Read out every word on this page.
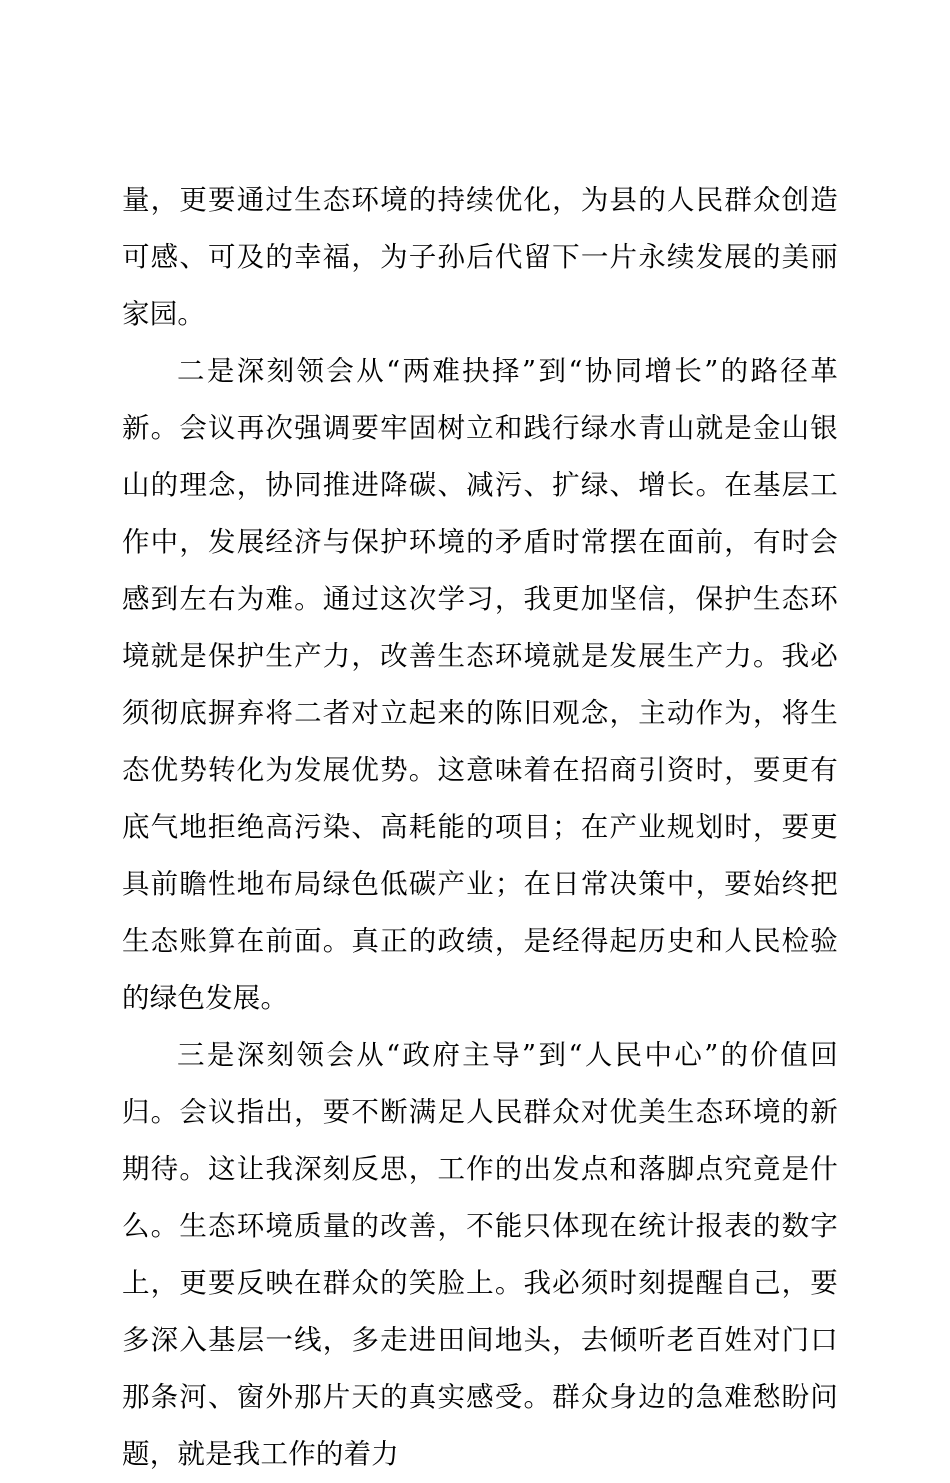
量，更要通过生态环境的持续优化，为县的人民群众创造可感、可及的幸福，为子孙后代留下一片永续发展的美丽家园。

二是深刻领会从“两难抉择”到“协同增长”的路径革新。会议再次强调要牢固树立和践行绿水青山就是金山银山的理念，协同推进降碳、减污、扩绿、增长。在基层工作中，发展经济与保护环境的矛盾时常摆在面前，有时会感到左右为难。通过这次学习，我更加坚信，保护生态环境就是保护生产力，改善生态环境就是发展生产力。我必须彻底摒弃将二者对立起来的陈旧观念，主动作为，将生态优势转化为发展优势。这意味着在招商引资时，要更有底气地拒绝高污染、高耗能的项目；在产业规划时，要更具前瞻性地布局绿色低碳产业；在日常决策中，要始终把生态账算在前面。真正的政绩，是经得起历史和人民检验的绿色发展。

三是深刻领会从“政府主导”到“人民中心”的价值回归。会议指出，要不断满足人民群众对优美生态环境的新期待。这让我深刻反思，工作的出发点和落脚点究竟是什么。生态环境质量的改善，不能只体现在统计报表的数字上，更要反映在群众的笑脸上。我必须时刻提醒自己，要多深入基层一线，多走进田间地头，去倾听老百姓对门口那条河、窗外那片天的真实感受。群众身边的急难愁盼问题，就是我工作的着力
